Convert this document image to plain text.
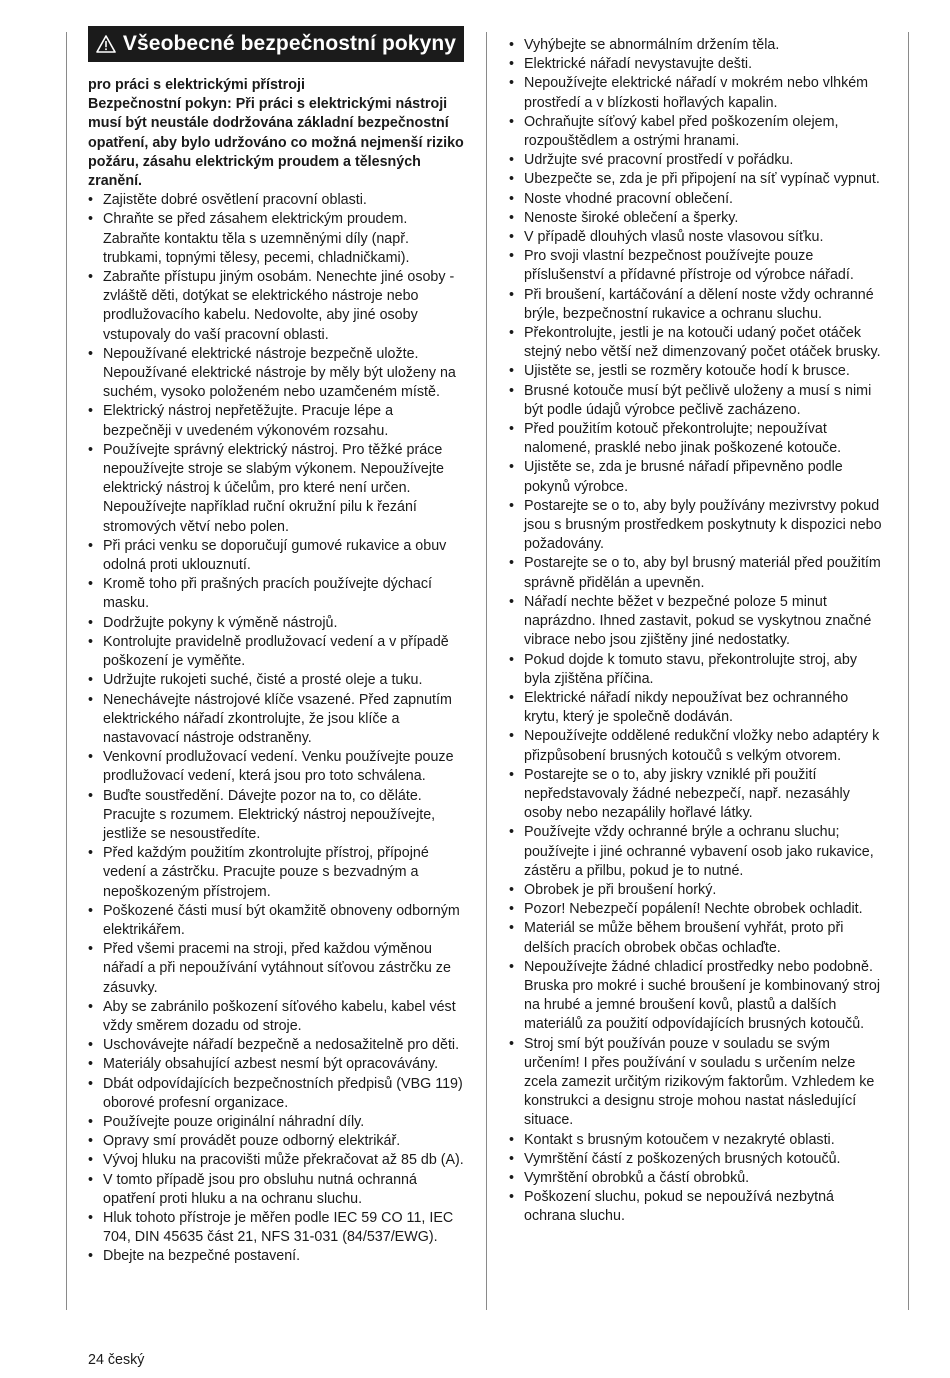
Všeobecné bezpečnostní pokyny

pro práci s elektrickými přístroji

Bezpečnostní pokyn: Při práci s elektrickými nástroji musí být neustále dodržována základní bezpečnostní opatření, aby bylo udržováno co možná nejmenší riziko požáru, zásahu elektrickým proudem a tělesných zranění.

• Zajistěte dobré osvětlení pracovní oblasti.
• Chraňte se před zásahem elektrickým proudem. Zabraňte kontaktu těla s uzemněnými díly (např. trubkami, topnými tělesy, pecemi, chladničkami).
• Zabraňte přístupu jiným osobám. Nenechte jiné osoby - zvláště děti, dotýkat se elektrického nástroje nebo prodlužovacího kabelu. Nedovolte, aby jiné osoby vstupovaly do vaší pracovní oblasti.
• Nepoužívané elektrické nástroje bezpečně uložte. Nepoužívané elektrické nástroje by měly být uloženy na suchém, vysoko položeném nebo uzamčeném místě.
• Elektrický nástroj nepřetěžujte. Pracuje lépe a bezpečněji v uvedeném výkonovém rozsahu.
• Používejte správný elektrický nástroj. Pro těžké práce nepoužívejte stroje se slabým výkonem. Nepoužívejte elektrický nástroj k účelům, pro které není určen. Nepoužívejte například ruční okružní pilu k řezání stromových větví nebo polen.
• Při práci venku se doporučují gumové rukavice a obuv odolná proti uklouznutí.
• Kromě toho při prašných pracích používejte dýchací masku.
• Dodržujte pokyny k výměně nástrojů.
• Kontrolujte pravidelně prodlužovací vedení a v případě poškození je vyměňte.
• Udržujte rukojeti suché, čisté a prosté oleje a tuku.
• Nenechávejte nástrojové klíče vsazené. Před zapnutím elektrického nářadí zkontrolujte, že jsou klíče a nastavovací nástroje odstraněny.
• Venkovní prodlužovací vedení. Venku používejte pouze prodlužovací vedení, která jsou pro toto schválena.
• Buďte soustředění. Dávejte pozor na to, co děláte. Pracujte s rozumem. Elektrický nástroj nepoužívejte, jestliže se nesoustředíte.
• Před každým použitím zkontrolujte přístroj, přípojné vedení a zástrčku. Pracujte pouze s bezvadným a nepoškozeným přístrojem.
• Poškozené části musí být okamžitě obnoveny odborným elektrikářem.
• Před všemi pracemi na stroji, před každou výměnou nářadí a při nepoužívání vytáhnout síťovou zástrčku ze zásuvky.
• Aby se zabránilo poškození síťového kabelu, kabel vést vždy směrem dozadu od stroje.
• Uschovávejte nářadí bezpečně a nedosažitelně pro děti.
• Materiály obsahující azbest nesmí být opracovávány.
• Dbát odpovídajících bezpečnostních předpisů (VBG 119) oborové profesní organizace.
• Používejte pouze originální náhradní díly.
• Opravy smí provádět pouze odborný elektrikář.
• Vývoj hluku na pracovišti může překračovat až 85 db (A).
• V tomto případě jsou pro obsluhu nutná ochranná opatření proti hluku a na ochranu sluchu.
• Hluk tohoto přístroje je měřen podle IEC 59 CO 11, IEC 704, DIN 45635 část 21, NFS 31-031 (84/537/EWG).
• Dbejte na bezpečné postavení.
• Vyhýbejte se abnormálním držením těla.
• Elektrické nářadí nevystavujte dešti.
• Nepoužívejte elektrické nářadí v mokrém nebo vlhkém prostředí a v blízkosti hořlavých kapalin.
• Ochraňujte síťový kabel před poškozením olejem, rozpouštědlem a ostrými hranami.
• Udržujte své pracovní prostředí v pořádku.
• Ubezpečte se, zda je při připojení na síť vypínač vypnut.
• Noste vhodné pracovní oblečení.
• Nenoste široké oblečení a šperky.
• V případě dlouhých vlasů noste vlasovou síťku.
• Pro svoji vlastní bezpečnost používejte pouze příslušenství a přídavné přístroje od výrobce nářadí.
• Při broušení, kartáčování a dělení noste vždy ochranné brýle, bezpečnostní rukavice a ochranu sluchu.
• Překontrolujte, jestli je na kotouči udaný počet otáček stejný nebo větší než dimenzovaný počet otáček brusky.
• Ujistěte se, jestli se rozměry kotouče hodí k brusce.
• Brusné kotouče musí být pečlivě uloženy a musí s nimi být podle údajů výrobce pečlivě zacházeno.
• Před použitím kotouč překontrolujte; nepoužívat nalomené, prasklé nebo jinak poškozené kotouče.
• Ujistěte se, zda je brusné nářadí připevněno podle pokynů výrobce.
• Postarejte se o to, aby byly používány mezivrstvy pokud jsou s brusným prostředkem poskytnuty k dispozici nebo požadovány.
• Postarejte se o to, aby byl brusný materiál před použitím správně přidělán a upevněn.
• Nářadí nechte běžet v bezpečné poloze 5 minut naprázdno. Ihned zastavit, pokud se vyskytnou značné vibrace nebo jsou zjištěny jiné nedostatky.
• Pokud dojde k tomuto stavu, překontrolujte stroj, aby byla zjištěna příčina.
• Elektrické nářadí nikdy nepoužívat bez ochranného krytu, který je společně dodáván.
• Nepoužívejte oddělené redukční vložky nebo adaptéry k přizpůsobení brusných kotoučů s velkým otvorem.
• Postarejte se o to, aby jiskry vzniklé při použití nepředstavovaly žádné nebezpečí, např. nezasáhly osoby nebo nezapálily hořlavé látky.
• Používejte vždy ochranné brýle a ochranu sluchu; používejte i jiné ochranné vybavení osob jako rukavice, zástěru a přilbu, pokud je to nutné.
• Obrobek je při broušení horký.
• Pozor! Nebezpečí popálení! Nechte obrobek ochladit.
• Materiál se může během broušení vyhřát, proto při delších pracích obrobek občas ochlaďte.
• Nepoužívejte žádné chladicí prostředky nebo podobně. Bruska pro mokré i suché broušení je kombinovaný stroj na hrubé a jemné broušení kovů, plastů a dalších materiálů za použití odpovídajících brusných kotoučů.
• Stroj smí být používán pouze v souladu se svým určením! I přes používání v souladu s určením nelze zcela zamezit určitým rizikovým faktorům. Vzhledem ke konstrukci a designu stroje mohou nastat následující situace.
• Kontakt s brusným kotoučem v nezakryté oblasti.
• Vymrštění částí z poškozených brusných kotoučů.
• Vymrštění obrobků a částí obrobků.
• Poškození sluchu, pokud se nepoužívá nezbytná ochrana sluchu.
24 český
